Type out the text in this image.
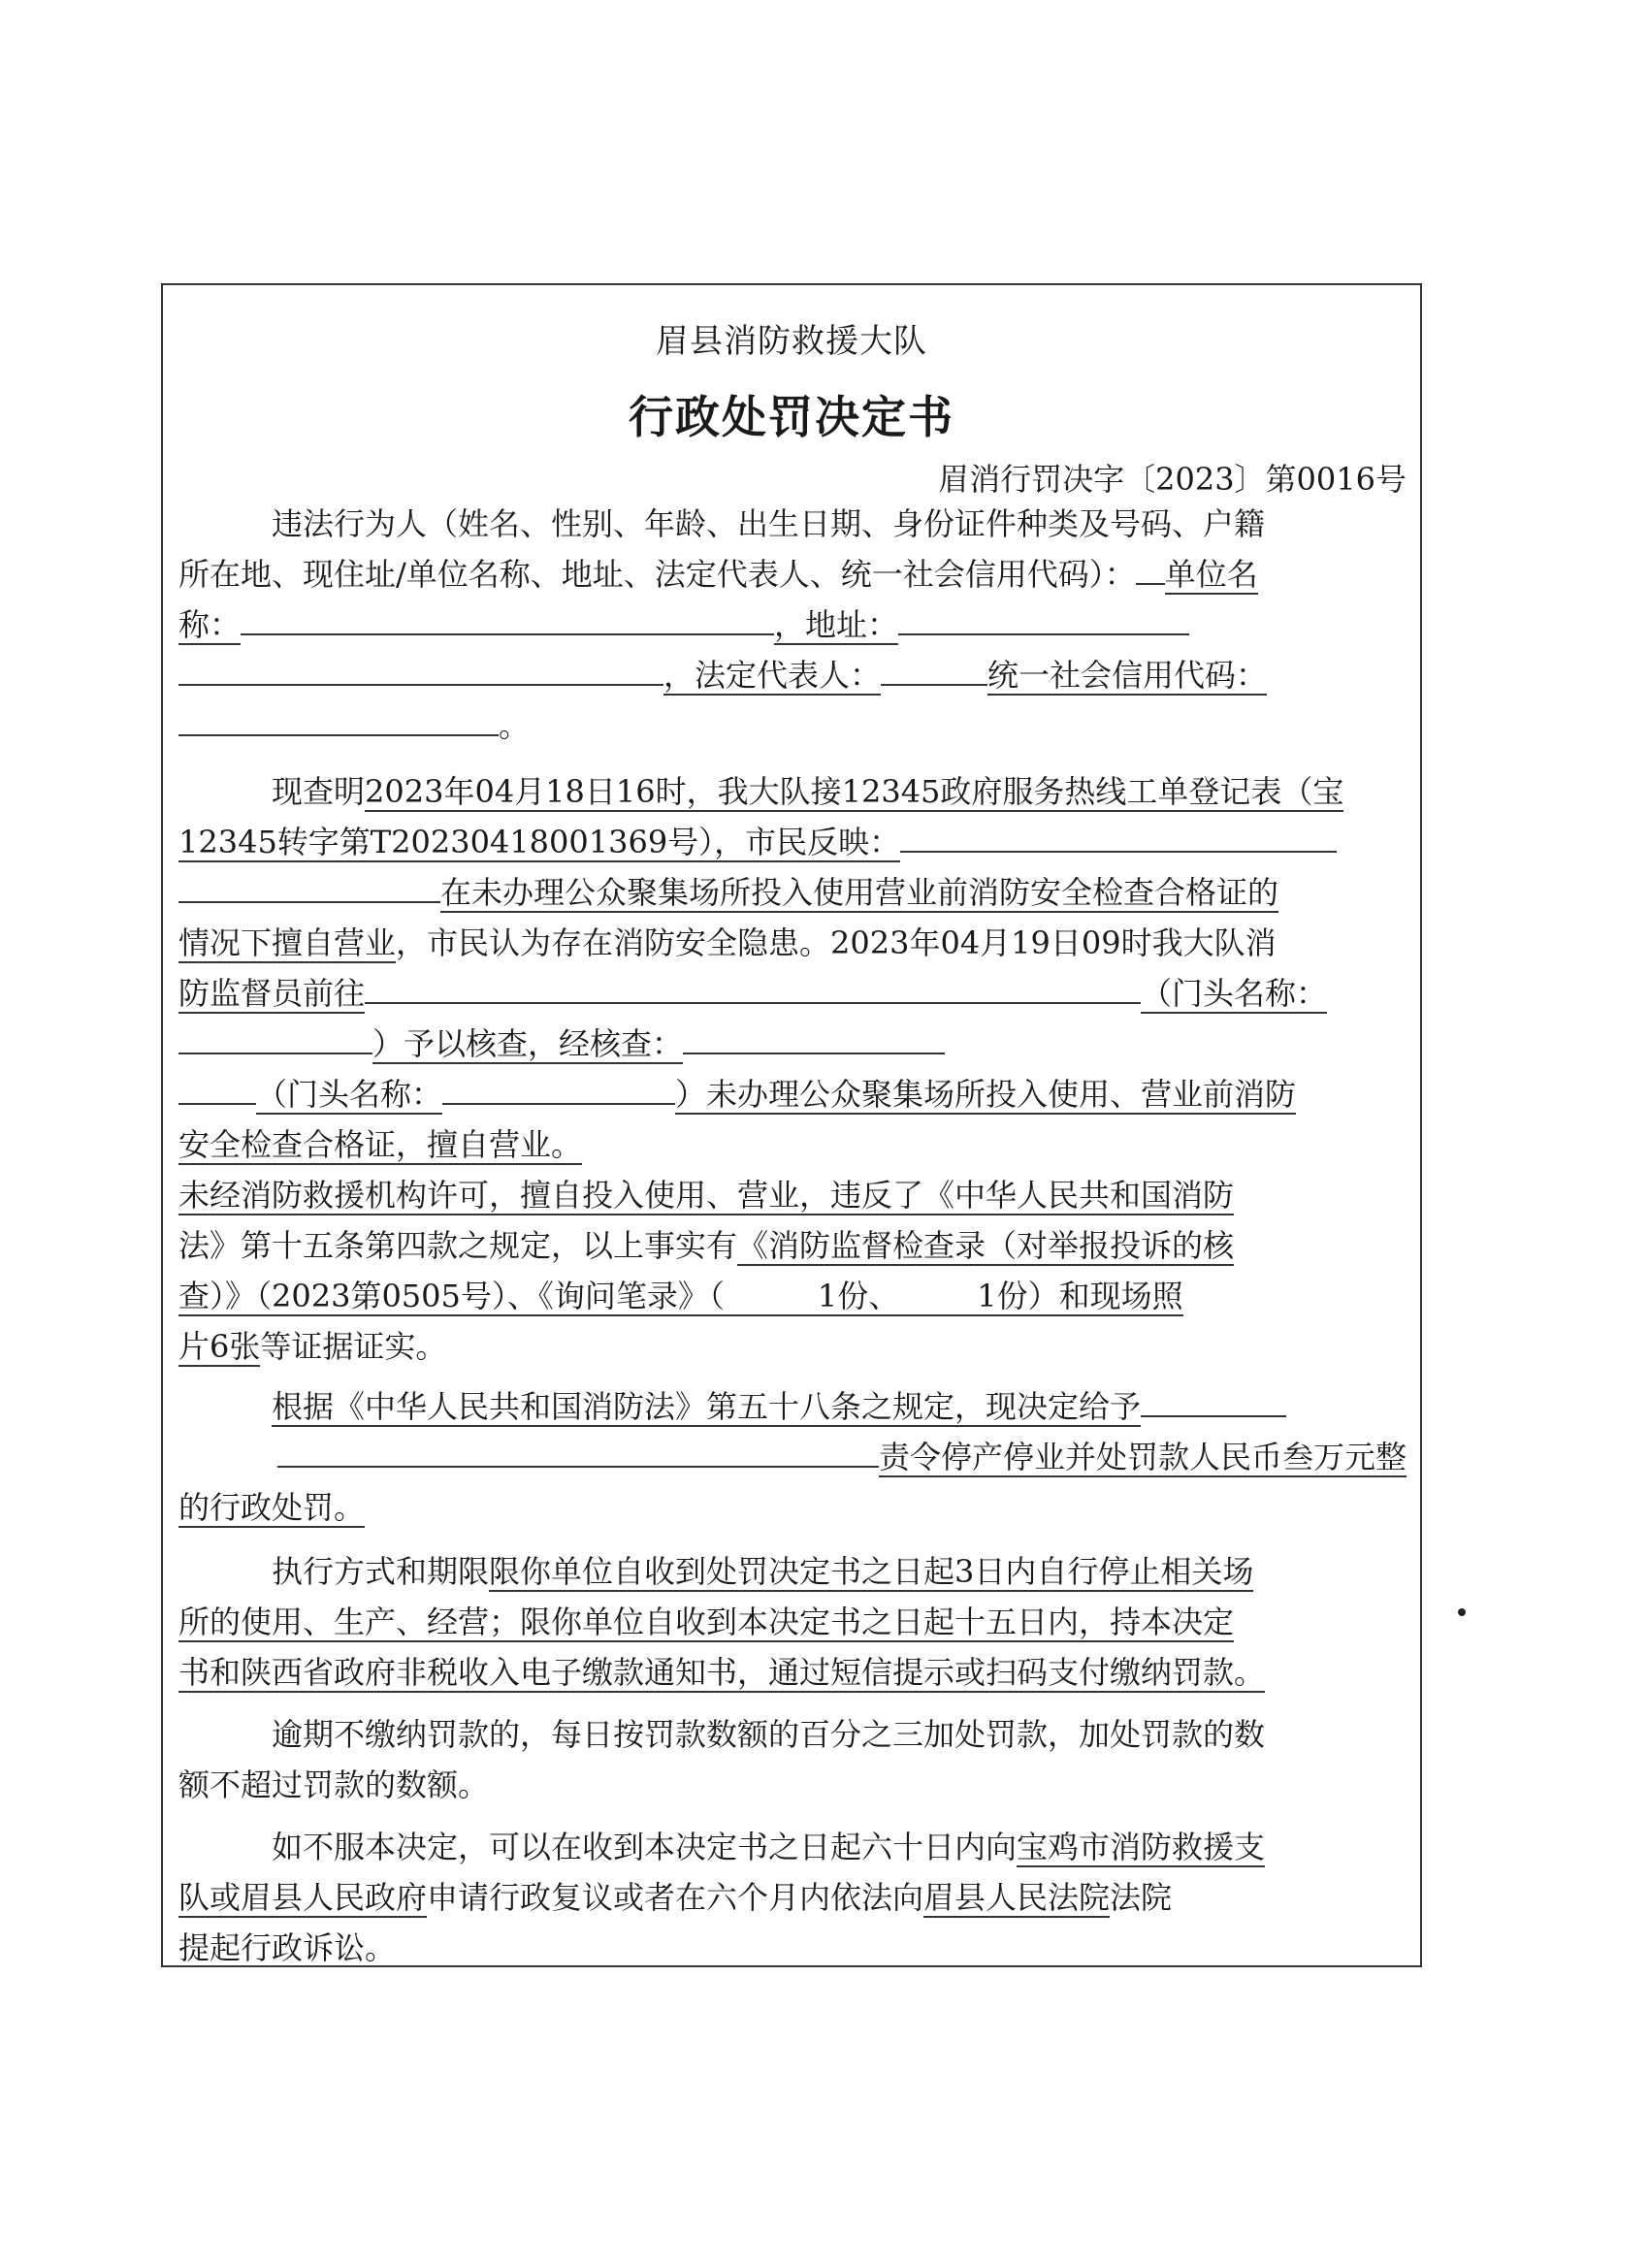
眉县消防救援大队
行政处罚决定书
眉消行罚决字〔2023〕第0016号
违法行为人（姓名、性别、年龄、出生日期、身份证件种类及号码、户籍
所在地、现住址/单位名称、地址、法定代表人、统一社会信用代码）： 单位名
称：	，地址：
，法定代表人：	统一社会信用代码：
。
现查明2023年04月18日16时，我大队接12345政府服务热线工单登记表（宝
12345转字第T20230418001369号），市民反映：
在未办理公众聚集场所投入使用营业前消防安全检查合格证的
情况下擅自营业，市民认为存在消防安全隐患。2023年04月19日09时我大队消
防监督员前往	（门头名称：
）予以核查，经核查：
（门头名称：	）未办理公众聚集场所投入使用、营业前消防
安全检查合格证，擅自营业。
未经消防救援机构许可，擅自投入使用、营业，违反了《中华人民共和国消防
法》第十五条第四款之规定，以上事实有《消防监督检查录（对举报投诉的核
查）》（2023第0505号）、《询问笔录》（　　　1份、　　　1份）和现场照
片6张等证据证实。
根据《中华人民共和国消防法》第五十八条之规定，现决定给予
责令停产停业并处罚款人民币叁万元整
的行政处罚。
执行方式和期限限你单位自收到处罚决定书之日起3日内自行停止相关场
所的使用、生产、经营；限你单位自收到本决定书之日起十五日内，持本决定
书和陕西省政府非税收入电子缴款通知书，通过短信提示或扫码支付缴纳罚款。
逾期不缴纳罚款的，每日按罚款数额的百分之三加处罚款，加处罚款的数
额不超过罚款的数额。
如不服本决定，可以在收到本决定书之日起六十日内向宝鸡市消防救援支
队或眉县人民政府申请行政复议或者在六个月内依法向眉县人民法院法院
提起行政诉讼。
